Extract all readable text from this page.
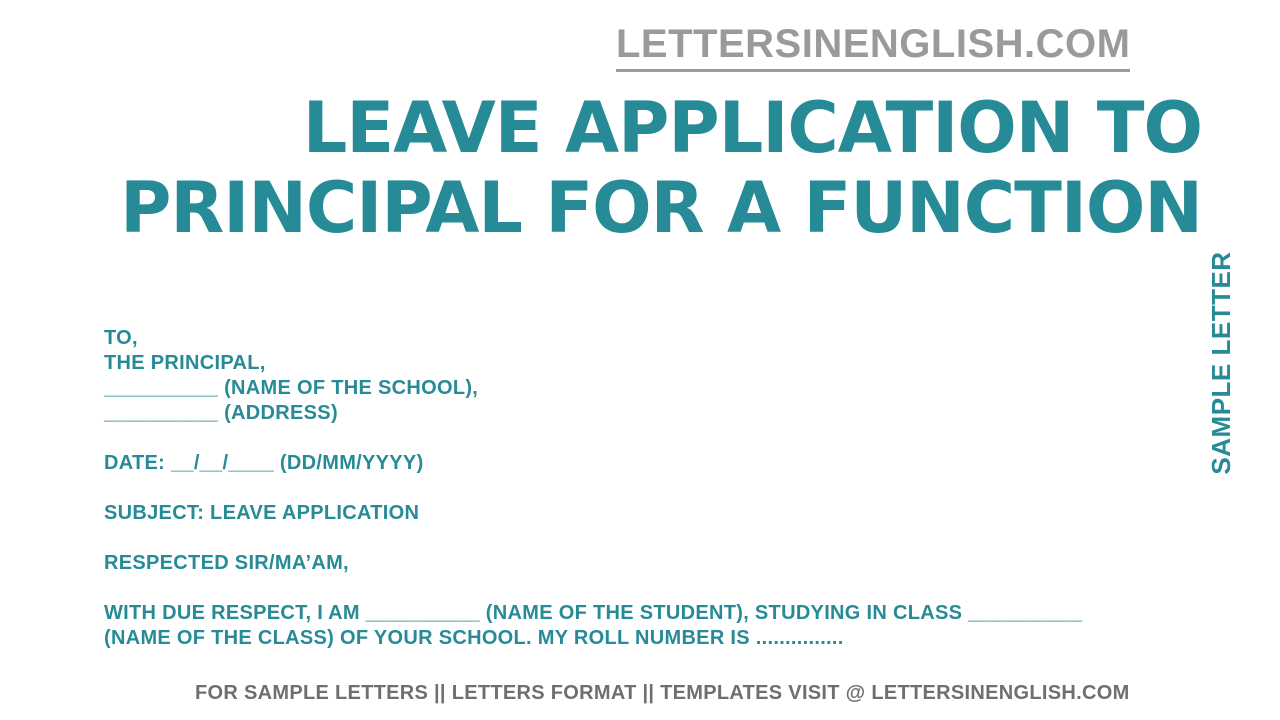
LETTERSINENGLISH.COM
LEAVE APPLICATION TO
PRINCIPAL FOR A FUNCTION
SAMPLE LETTER
TO,
THE PRINCIPAL,
__________ (NAME OF THE SCHOOL),
__________ (ADDRESS)
DATE: __/__/____ (DD/MM/YYYY)
SUBJECT: LEAVE APPLICATION
RESPECTED SIR/MA’AM,
WITH DUE RESPECT, I AM __________ (NAME OF THE STUDENT), STUDYING IN CLASS __________
(NAME OF THE CLASS) OF YOUR SCHOOL. MY ROLL NUMBER IS ...............
FOR SAMPLE LETTERS || LETTERS FORMAT || TEMPLATES VISIT @ LETTERSINENGLISH.COM
